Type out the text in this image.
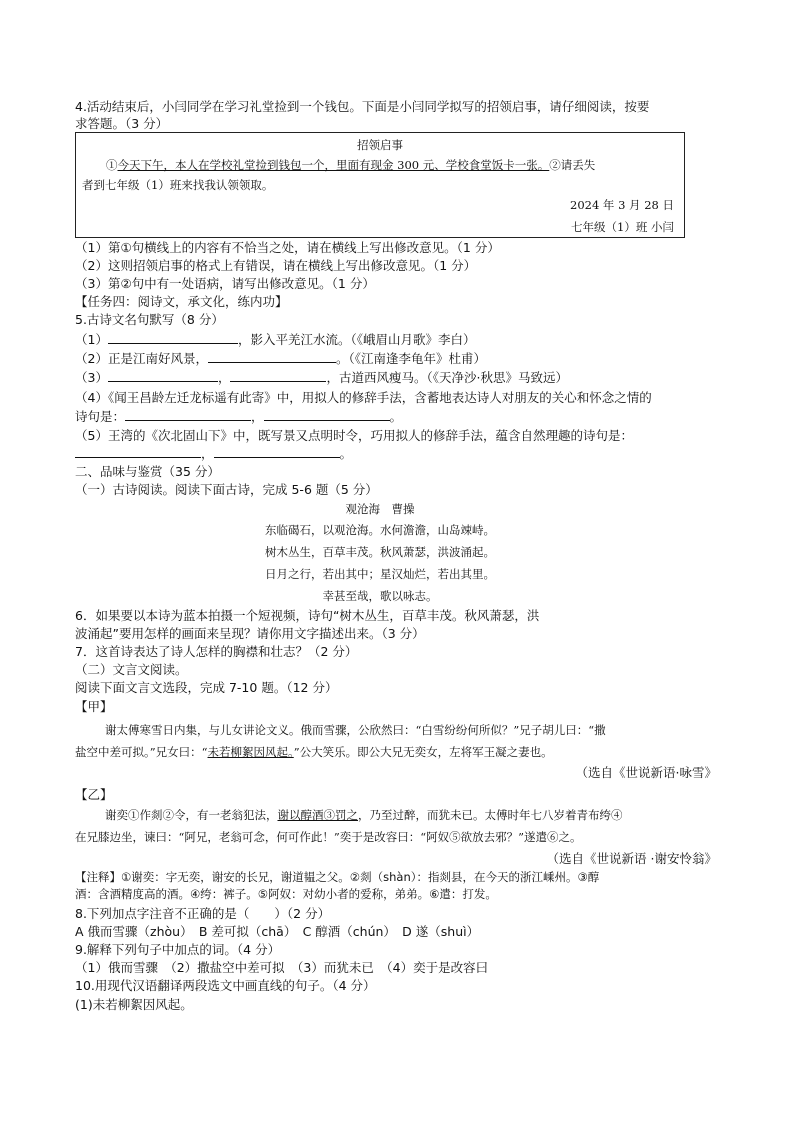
4.活动结束后，小闫同学在学习礼堂捡到一个钱包。下面是小闫同学拟写的招领启事，请仔细阅读，按要
求答题。（3 分）
招领启事
①今天下午，本人在学校礼堂捡到钱包一个，里面有现金 300 元、学校食堂饭卡一张。②请丢失
者到七年级（1）班来找我认领领取。
2024 年 3 月 28 日
七年级（1）班 小闫
（1）第①句横线上的内容有不恰当之处，请在横线上写出修改意见。（1 分）
（2）这则招领启事的格式上有错误，请在横线上写出修改意见。（1 分）
（3）第②句中有一处语病，请写出修改意见。（1 分）
【任务四：阅诗文，承文化，练内功】
5.古诗文名句默写（8 分）
（1）	，影入平羌江水流。（《峨眉山月歌》李白）
（2）正是江南好风景，	。（《江南逢李龟年》杜甫）
（3）	，	，古道西风瘦马。（《天净沙·秋思》马致远）
（4）《闻王昌龄左迁龙标遥有此寄》中，用拟人的修辞手法，含蓄地表达诗人对朋友的关心和怀念之情的
诗句是：	，	。
（5）王湾的《次北固山下》中，既写景又点明时令，巧用拟人的修辞手法，蕴含自然理趣的诗句是：
，	。
二、品味与鉴赏（35 分）
（一）古诗阅读。阅读下面古诗，完成 5-6 题（5 分）
观沧海　曹操
东临碣石，以观沧海。水何澹澹，山岛竦峙。
树木丛生，百草丰茂。秋风萧瑟，洪波涌起。
日月之行，若出其中；星汉灿烂，若出其里。
幸甚至哉，歌以咏志。
6．如果要以本诗为蓝本拍摄一个短视频，诗句“树木丛生，百草丰茂。秋风萧瑟，洪
波涌起”要用怎样的画面来呈现？请你用文字描述出来。（3 分）
7．这首诗表达了诗人怎样的胸襟和壮志？（2 分）
（二）文言文阅读。
阅读下面文言文选段，完成 7-10 题。（12 分）
【甲】
谢太傅寒雪日内集，与儿女讲论文义。俄而雪骤，公欣然曰：“白雪纷纷何所似？”兄子胡儿曰：“撒
盐空中差可拟。”兄女曰：“未若柳絮因风起。”公大笑乐。即公大兄无奕女，左将军王凝之妻也。
（选自《世说新语·咏雪》
【乙】
谢奕①作剡②令，有一老翁犯法，谢以醇酒③罚之，乃至过醉，而犹未已。太傅时年七八岁着青布绔④
在兄膝边坐，谏曰：“阿兄，老翁可念，何可作此！”奕于是改容曰：“阿奴⑤欲放去邪？”遂遣⑥之。
（选自《世说新语 ·谢安怜翁》
【注释】①谢奕：字无奕，谢安的长兄，谢道韫之父。②剡（shàn）：指剡县，在今天的浙江嵊州。③醇
酒：含酒精度高的酒。④绔：裤子。⑤阿奴：对幼小者的爱称，弟弟。⑥遣：打发。
8.下列加点字注音不正确的是（　　）（2 分）
A 俄而雪骤（zhòu）　B 差可拟（chā）　C 醇酒（chún）　D 遂（shuì）
9.解释下列句子中加点的词。（4 分）
（1）俄而雪骤　（2）撒盐空中差可拟　（3）而犹未已　（4）奕于是改容曰
10.用现代汉语翻译两段选文中画直线的句子。（4 分）
(1)未若柳絮因风起。
